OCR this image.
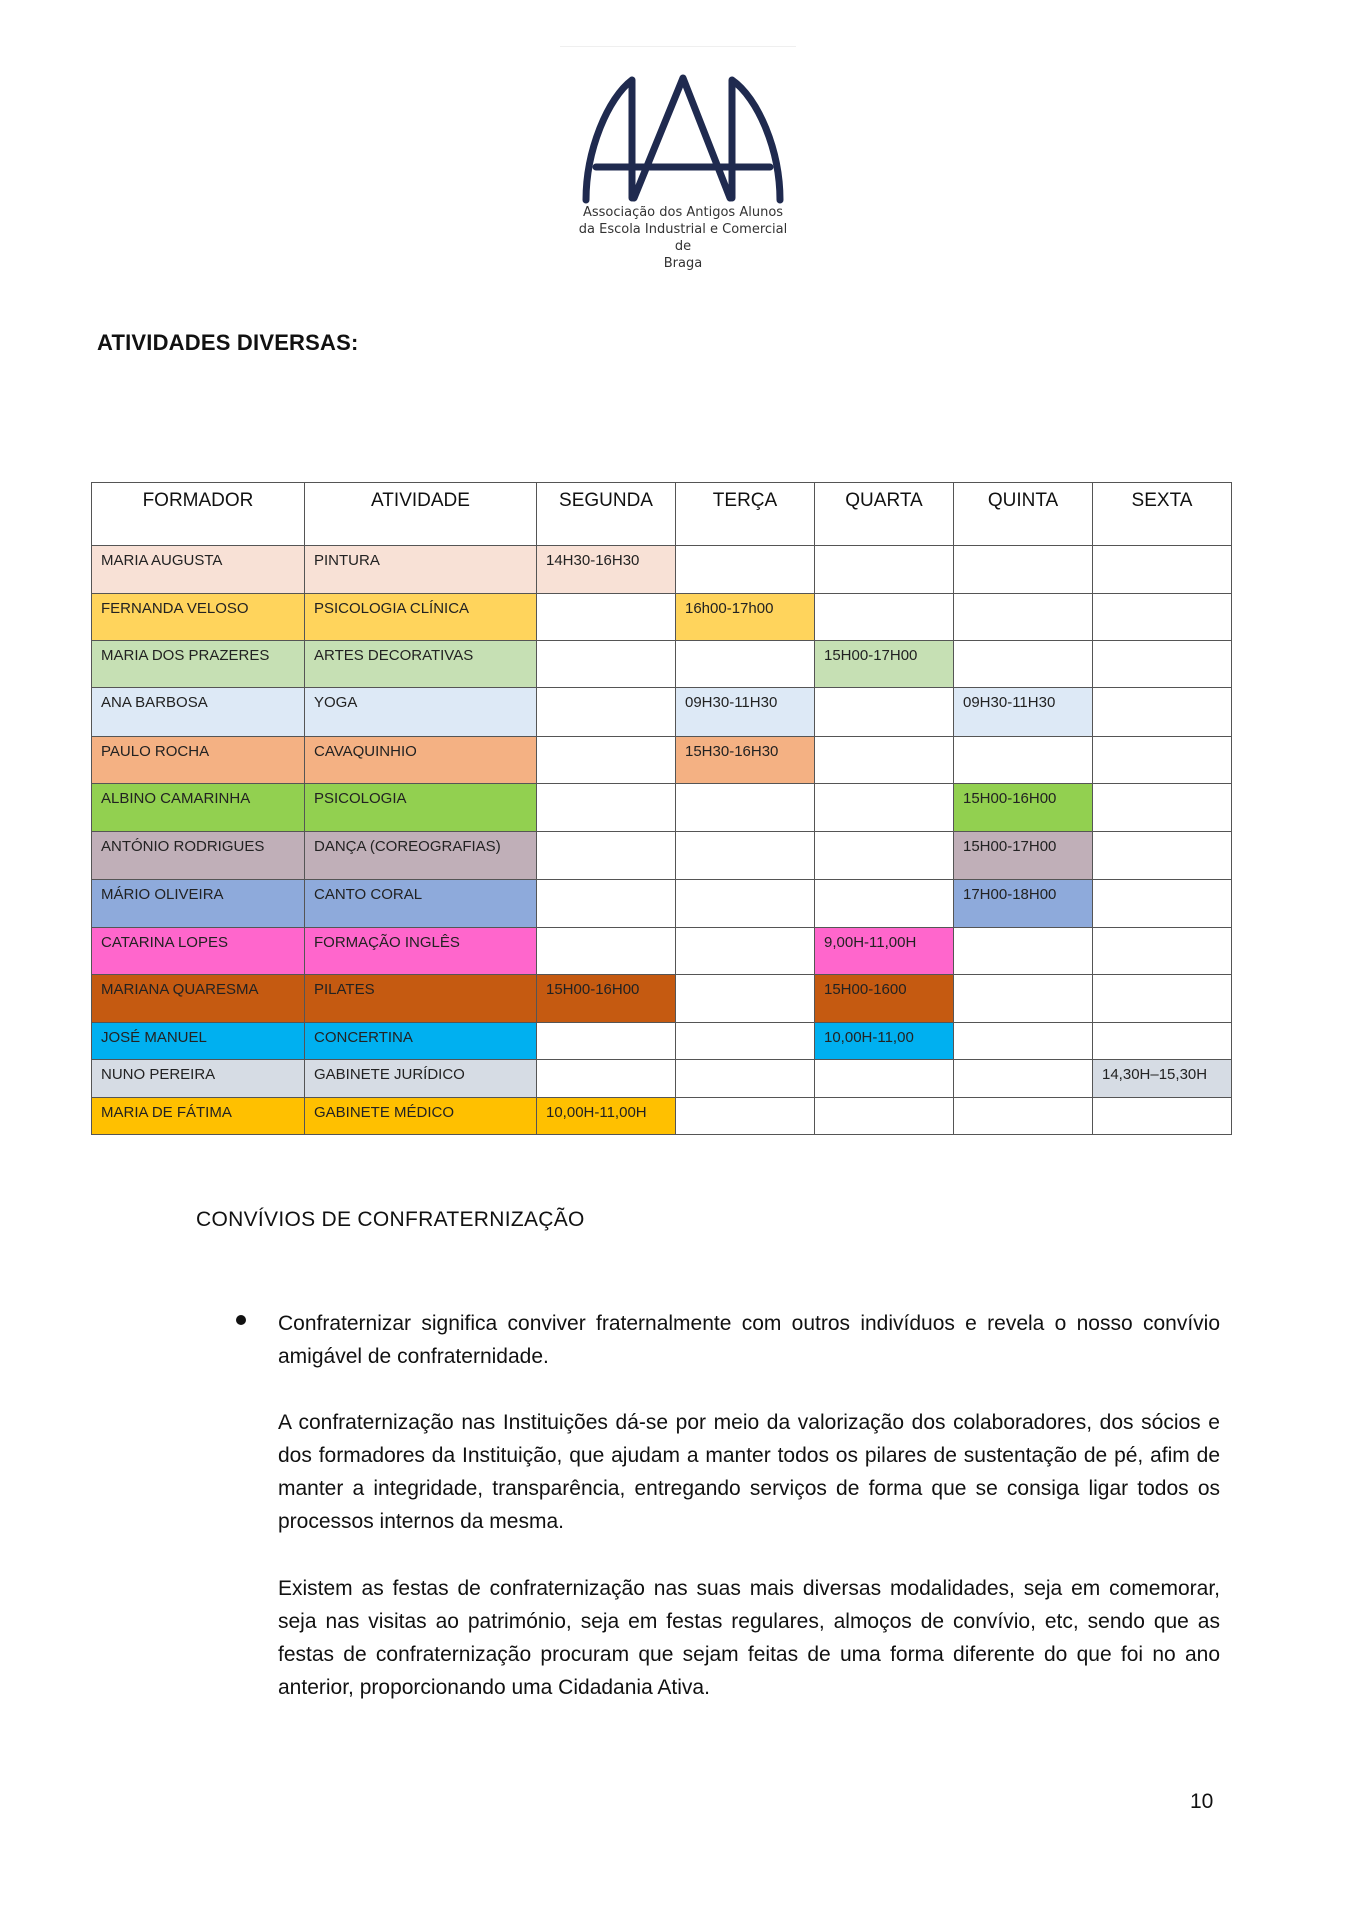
Associação dos Antigos Alunos
da Escola Industrial e Comercial
de
Braga
ATIVIDADES DIVERSAS:
FORMADOR	ATIVIDADE	SEGUNDA	TERÇA	QUARTA	QUINTA	SEXTA
MARIA AUGUSTA	PINTURA	14H30-16H30				
FERNANDA VELOSO	PSICOLOGIA CLÍNICA		16h00-17h00			
MARIA DOS PRAZERES	ARTES DECORATIVAS			15H00-17H00		
ANA BARBOSA	YOGA		09H30-11H30		09H30-11H30	
PAULO ROCHA	CAVAQUINHIO		15H30-16H30			
ALBINO CAMARINHA	PSICOLOGIA				15H00-16H00	
ANTÓNIO RODRIGUES	DANÇA (COREOGRAFIAS)				15H00-17H00	
MÁRIO OLIVEIRA	CANTO CORAL				17H00-18H00	
CATARINA LOPES	FORMAÇÃO INGLÊS			9,00H-11,00H		
MARIANA QUARESMA	PILATES	15H00-16H00		15H00-1600		
JOSÉ MANUEL	CONCERTINA			10,00H-11,00		
NUNO PEREIRA	GABINETE JURÍDICO					14,30H–15,30H
MARIA DE FÁTIMA	GABINETE MÉDICO	10,00H-11,00H				
CONVÍVIOS DE CONFRATERNIZAÇÃO
Confraternizar significa conviver fraternalmente com outros indivíduos e revela o nosso convívio amigável de confraternidade.
A confraternização nas Instituições dá-se por meio da valorização dos colaboradores, dos sócios e dos formadores da Instituição, que ajudam a manter todos os pilares de sustentação de pé, afim de manter a integridade, transparência, entregando serviços de forma que se consiga ligar todos os processos internos da mesma.
Existem as festas de confraternização nas suas mais diversas modalidades, seja em comemorar, seja nas visitas ao património, seja em festas regulares, almoços de convívio, etc, sendo que as festas de confraternização procuram que sejam feitas de uma forma diferente do que foi no ano anterior, proporcionando uma Cidadania Ativa.
10
